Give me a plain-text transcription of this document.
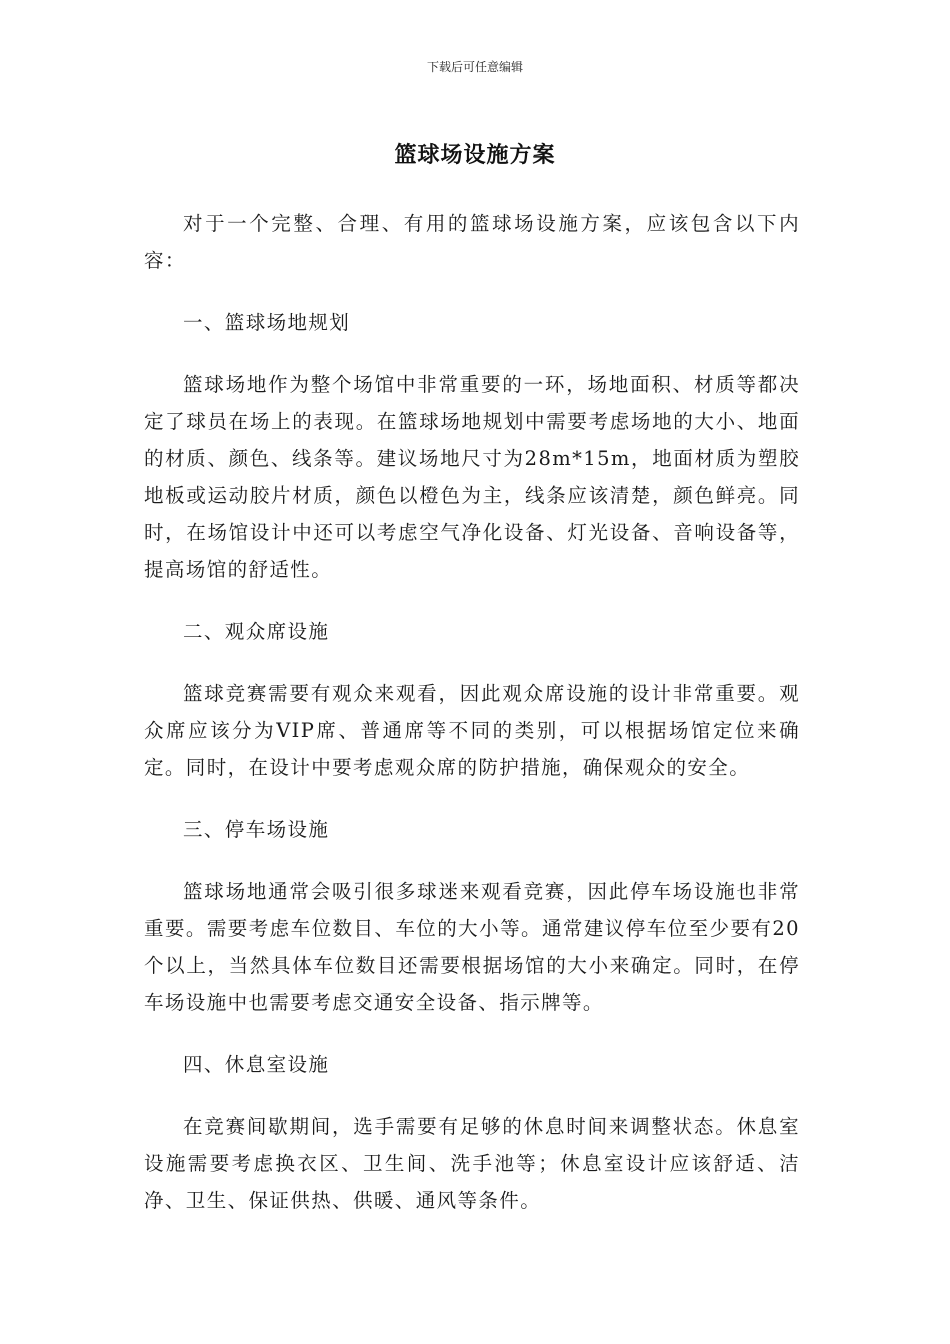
下载后可任意编辑
篮球场设施方案

对于一个完整、合理、有用的篮球场设施方案，应该包含以下内容：

一、篮球场地规划

篮球场地作为整个场馆中非常重要的一环，场地面积、材质等都决定了球员在场上的表现。在篮球场地规划中需要考虑场地的大小、地面的材质、颜色、线条等。建议场地尺寸为28m*15m，地面材质为塑胶地板或运动胶片材质，颜色以橙色为主，线条应该清楚，颜色鲜亮。同时，在场馆设计中还可以考虑空气净化设备、灯光设备、音响设备等，提高场馆的舒适性。

二、观众席设施

篮球竞赛需要有观众来观看，因此观众席设施的设计非常重要。观众席应该分为VIP席、普通席等不同的类别，可以根据场馆定位来确定。同时，在设计中要考虑观众席的防护措施，确保观众的安全。

三、停车场设施

篮球场地通常会吸引很多球迷来观看竞赛，因此停车场设施也非常重要。需要考虑车位数目、车位的大小等。通常建议停车位至少要有20个以上，当然具体车位数目还需要根据场馆的大小来确定。同时，在停车场设施中也需要考虑交通安全设备、指示牌等。

四、休息室设施

在竞赛间歇期间，选手需要有足够的休息时间来调整状态。休息室设施需要考虑换衣区、卫生间、洗手池等；休息室设计应该舒适、洁净、卫生、保证供热、供暖、通风等条件。
